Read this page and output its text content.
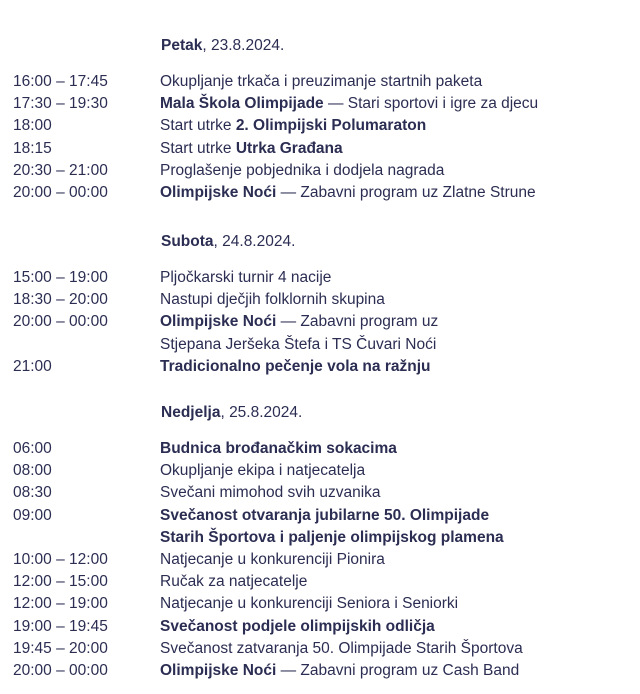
Petak, 23.8.2024.
16:00 – 17:45	Okupljanje trkača i preuzimanje startnih paketa
17:30 – 19:30	Mala Škola Olimpijade — Stari sportovi i igre za djecu
18:00	Start utrke 2. Olimpijski Polumaraton
18:15	Start utrke Utrka Građana
20:30 – 21:00	Proglašenje pobjednika i dodjela nagrada
20:00 – 00:00	Olimpijske Noći — Zabavni program uz Zlatne Strune
Subota, 24.8.2024.
15:00 – 19:00	Pljočkarski turnir 4 nacije
18:30 – 20:00	Nastupi dječjih folklornih skupina
20:00 – 00:00	Olimpijske Noći — Zabavni program uz
Stjepana Jeršeka Štefa i TS Čuvari Noći
21:00	Tradicionalno pečenje vola na ražnju
Nedjelja, 25.8.2024.
06:00	Budnica brođanačkim sokacima
08:00	Okupljanje ekipa i natjecatelja
08:30	Svečani mimohod svih uzvanika
09:00	Svečanost otvaranja jubilarne 50. Olimpijade
Starih Športova i paljenje olimpijskog plamena
10:00 – 12:00	Natjecanje u konkurenciji Pionira
12:00 – 15:00	Ručak za natjecatelje
12:00 – 19:00	Natjecanje u konkurenciji Seniora i Seniorki
19:00 – 19:45	Svečanost podjele olimpijskih odličja
19:45 – 20:00	Svečanost zatvaranja 50. Olimpijade Starih Športova
20:00 – 00:00	Olimpijske Noći — Zabavni program uz Cash Band
